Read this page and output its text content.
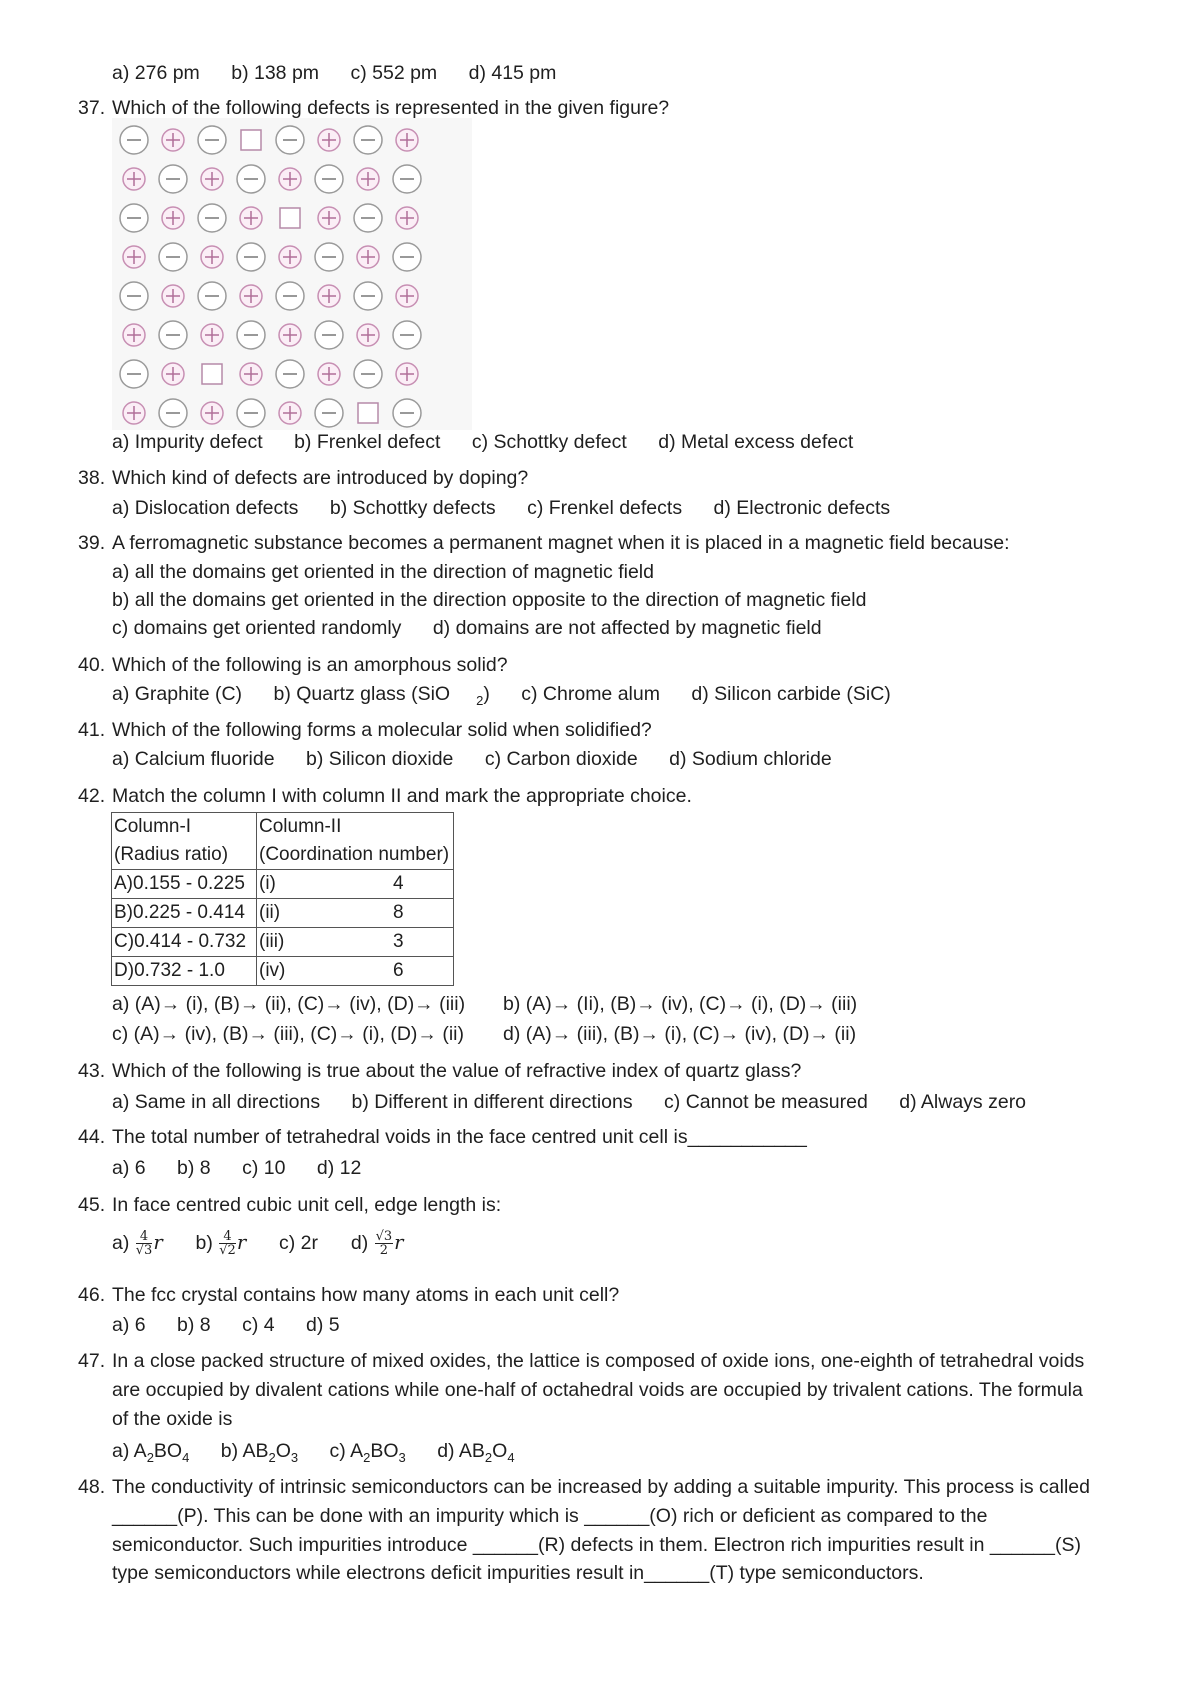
a) 276 pm b) 138 pm c) 552 pm d) 415 pm
37. Which of the following defects is represented in the given figure?
a) Impurity defect b) Frenkel defect c) Schottky defect d) Metal excess defect
38. Which kind of defects are introduced by doping?
a) Dislocation defects b) Schottky defects c) Frenkel defects d) Electronic defects
39. A ferromagnetic substance becomes a permanent magnet when it is placed in a magnetic field because:
a) all the domains get oriented in the direction of magnetic field
b) all the domains get oriented in the direction opposite to the direction of magnetic field
c) domains get oriented randomly d) domains are not affected by magnetic field
40. Which of the following is an amorphous solid?
a) Graphite (C) b) Quartz glass (SiO $_2$) c) Chrome alum d) Silicon carbide (SiC)
41. Which of the following forms a molecular solid when solidified?
a) Calcium fluoride b) Silicon dioxide c) Carbon dioxide d) Sodium chloride
42. Match the column I with column II and mark the appropriate choice.
Column-I	Column-II	
(Radius ratio)	(Coordination number)	
A)0.155 - 0.225	(i)	4
B)0.225 - 0.414	(ii)	8
C)0.414 - 0.732	(iii)	3
D)0.732 - 1.0	(iv)	6
a) (A)→ (i), (B)→ (ii), (C)→ (iv), (D)→ (iii) b) (A)→ (Ii), (B)→ (iv), (C)→ (i), (D)→ (iii)
c) (A)→ (iv), (B)→ (iii), (C)→ (i), (D)→ (ii) d) (A)→ (iii), (B)→ (i), (C)→ (iv), (D)→ (ii)
43. Which of the following is true about the value of refractive index of quartz glass?
a) Same in all directions b) Different in different directions c) Cannot be measured d) Always zero
44. The total number of tetrahedral voids in the face centred unit cell is___________
a) 6 b) 8 c) 10 d) 12
45. In face centred cubic unit cell, edge length is:
$a) \frac{4}{√3}$ r $b) \frac{4}{√2}$ r c) 2r $d) \frac{√3}{2}$ r
46. The fcc crystal contains how many atoms in each unit cell?
a) 6 b) 8 c) 4 d) 5
47. In a close packed structure of mixed oxides, the lattice is composed of oxide ions, one-eighth of tetrahedral voids
are occupied by divalent cations while one-half of octahedral voids are occupied by trivalent cations. The formula
of the oxide is
a) $A_2BO_4$ b) $AB_2O_3$ c) $A_2BO_3$ d) $AB_2O_4$
48. The conductivity of intrinsic semiconductors can be increased by adding a suitable impurity. This process is called
______(P). This can be done with an impurity which is ______(O) rich or deficient as compared to the
semiconductor. Such impurities introduce ______(R) defects in them. Electron rich impurities result in ______(S)
type semiconductors while electrons deficit impurities result in______(T) type semiconductors.
